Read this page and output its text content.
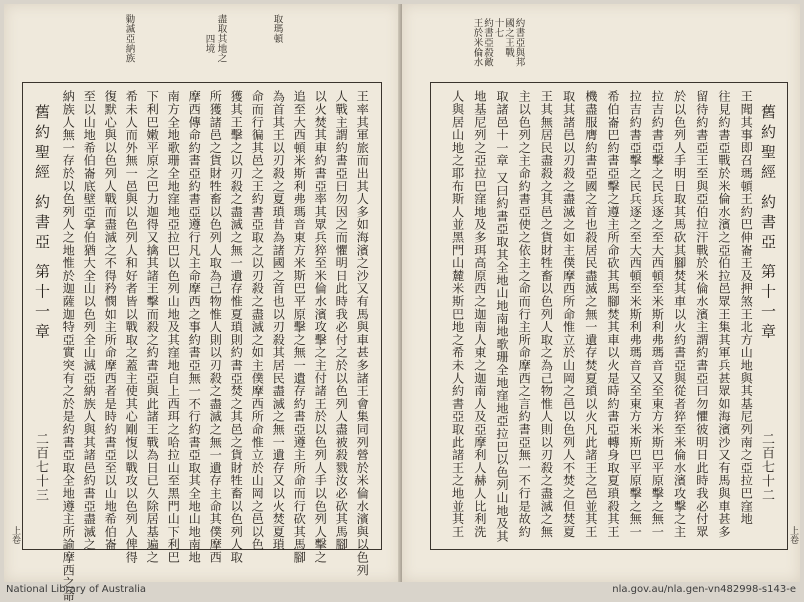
取瑪頓
盡取其地之
四境
勦滅亞納族
舊約聖經 約書亞 第十一章
二百七十三
上卷	王率其軍旅而出其人多如海濱之沙又有馬與車甚多諸王會集同列營於米倫水濱與以色列
人戰主謂約書亞曰勿因之而懼明日此時我必付之於以色列人盡被殺戮汝必砍其馬腳
以火焚其車約書亞率其眾兵猝至米倫水濱攻擊之主付諸王於以色列人手以色列人擊之
追至大西頓米斯利弗瑪音東方米斯巴平原擊之無一遺存約書亞遵主所命而行砍其馬腳
為首其王以刃殺之夏瑣昔為諸國之首也以刃殺其居民盡滅之無一遺存又以火焚夏瑣
命而行徧其邑之王約書亞取之以刃殺之盡滅之如主僕摩西所命惟立於山岡之邑以色
獲其王擊之以刃殺之盡滅之無一遺存惟夏瑣則約書亞焚之其邑之貨財牲畜以色列人取
所獲諸邑之貨財牲畜以色列人取為己物惟人則以刃殺之盡滅之無一遺存主命其僕摩西
摩西傳命約書亞約書亞遵行凡主命摩西之事約書亞無一不行約書亞取其全地山地南地
南方全地歌珊全地窪地亞拉巴以色列山地及其窪地自上西珥之哈拉山至黑門山下利巴
下利巴嫩平原之巴力迦得又擒其諸王擊而殺之約書亞與此諸王戰為日已久除居基遍之
希未人而外無一邑與以色列人和好者皆以戰取之蓋主使其心剛愎以戰攻以色列人俾得
復默心與以色列人戰而盡滅之不得矜憫如主所命摩西者是時約書亞至以山地希伯崙
至以山地希伯崙底壁亞拿伯猶大全山以色列全山滅亞納族人與其諸邑約書亞盡滅之
納族人無一存於以色列人之地惟於迦薩迦特亞實突有之於是約書亞取全地遵主所諭摩西之命
約書亞與邦
國之王戰
十七
約書亞殺敵
王於米倫水
舊約聖經 約書亞 第十一章
二百七十二
上卷
王聞其事即召瑪頓王約巴伸崙王及押煞王北方山地與其基尼列南之亞拉巴窪地
往見約書亞戰於米倫水濱之亞伯拉邑眾王集其軍兵甚眾如海濱沙又有馬與車甚多
留待約書亞王至與亞伯拉汗戰於米倫水濱主謂約書亞曰勿懼彼明日此時我必付眾
於以色列人手明日取其馬砍其腳焚其車以火約書亞與從者猝至米倫水濱攻擊之主
拉吉約書亞擊之民兵逐之至大西頓至米斯利弗瑪音又至東方米斯巴平原擊之無一
拉吉約書亞擊之民兵逐之至大西頓至米斯利弗瑪音又至東方米斯巴平原擊之無一
希伯崙巴約書亞擊之遵主所命砍其馬腳焚其車以火是時約書亞轉身取夏瑣殺其王
機盡服膺約書亞國之首也殺居民盡滅之無一遺存焚夏瑣以火凡此諸王之邑並其王
取其諸邑以刃殺之盡滅之如主僕摩西所命惟立於山岡之邑以色列人不焚之但焚夏
王其無居民盡殺之其邑之貨財牲畜以色列人取之為己物惟人則以刃殺之盡滅之無
主以色列之主命約書亞使之依主之命而行主所命摩西之言約書亞無一不行是故約
取諸邑十一章 又曰約書亞取其全地山地南地歌珊全地窪地亞拉巴以色列山地及其
地基尼列之亞拉巴窪地及多珥高原西之迦南人東之迦南人及亞摩利人赫人比利洗
人與居山地之耶布斯人並黑門山麓米斯巴地之希未人約書亞取此諸王之地並其王
National Library of Australia	nla.gov.au/nla.gen-vn482998-s143-e
